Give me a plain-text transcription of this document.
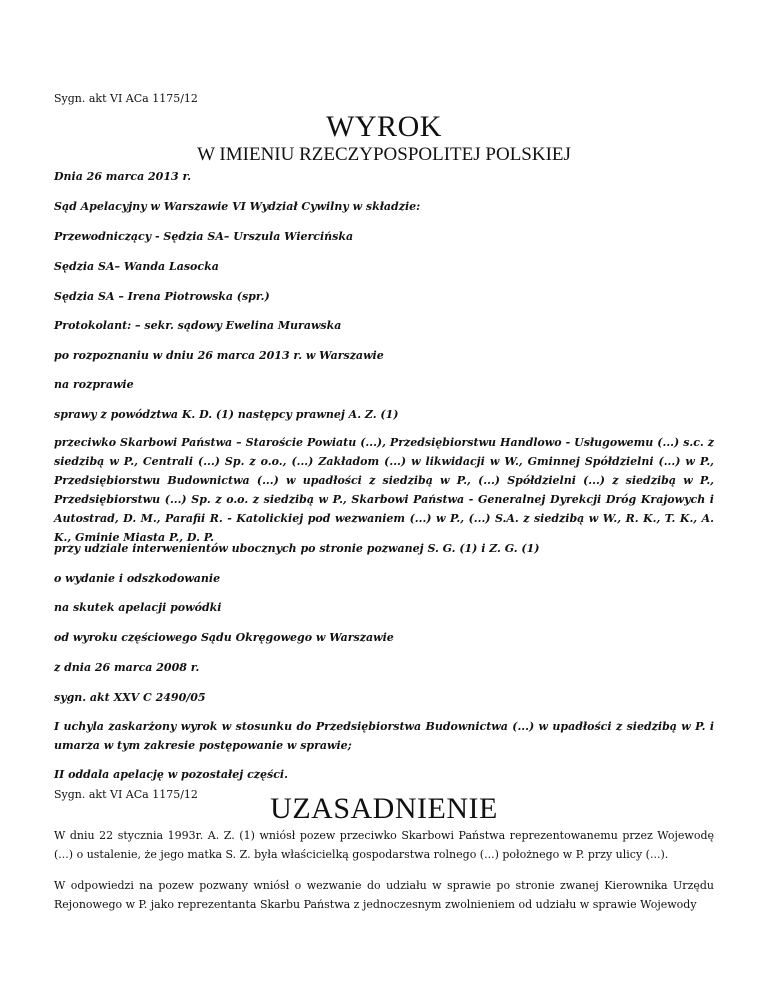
Sygn. akt VI ACa 1175/12
WYROK
W IMIENIU RZECZYPOSPOLITEJ POLSKIEJ
Dnia 26 marca 2013 r.
Sąd Apelacyjny w Warszawie VI Wydział Cywilny w składzie:
Przewodniczący - Sędzia SA– Urszula Wiercińska
Sędzia SA– Wanda Lasocka
Sędzia SA – Irena Piotrowska (spr.)
Protokolant: – sekr. sądowy Ewelina Murawska
po rozpoznaniu w dniu 26 marca 2013 r. w Warszawie
na rozprawie
sprawy z powództwa K. D. (1) następcy prawnej A. Z. (1)
przeciwko Skarbowi Państwa – Staroście Powiatu (...), Przedsiębiorstwu Handlowo - Usługowemu (...) s.c. z siedzibą w P., Centrali (...) Sp. z o.o., (...) Zakładom (...) w likwidacji w W., Gminnej Spółdzielni (...) w P., Przedsiębiorstwu Budownictwa (...) w upadłości z siedzibą w P., (...) Spółdzielni (...) z siedzibą w P., Przedsiębiorstwu (...) Sp. z o.o. z siedzibą w P., Skarbowi Państwa - Generalnej Dyrekcji Dróg Krajowych i Autostrad, D. M., Parafii R. - Katolickiej pod wezwaniem (...) w P., (...) S.A. z siedzibą w W., R. K., T. K., A. K., Gminie Miasta P., D. P.
przy udziale interwenientów ubocznych po stronie pozwanej S. G. (1) i Z. G. (1)
o wydanie i odszkodowanie
na skutek apelacji powódki
od wyroku częściowego Sądu Okręgowego w Warszawie
z dnia 26 marca 2008 r.
sygn. akt XXV C 2490/05
I uchyla zaskarżony wyrok w stosunku do Przedsiębiorstwa Budownictwa (...) w upadłości z siedzibą w P. i umarza w tym zakresie postępowanie w sprawie;
II oddala apelację w pozostałej części.
Sygn. akt VI ACa 1175/12	UZASADNIENIE
W dniu 22 stycznia 1993r. A. Z. (1) wniósł pozew przeciwko Skarbowi Państwa reprezentowanemu przez Wojewodę (...) o ustalenie, że jego matka S. Z. była właścicielką gospodarstwa rolnego (...) położnego w P. przy ulicy (...).
W odpowiedzi na pozew pozwany wniósł o wezwanie do udziału w sprawie po stronie zwanej Kierownika Urzędu Rejonowego w P. jako reprezentanta Skarbu Państwa z jednoczesnym zwolnieniem od udziału w sprawie Wojewody
